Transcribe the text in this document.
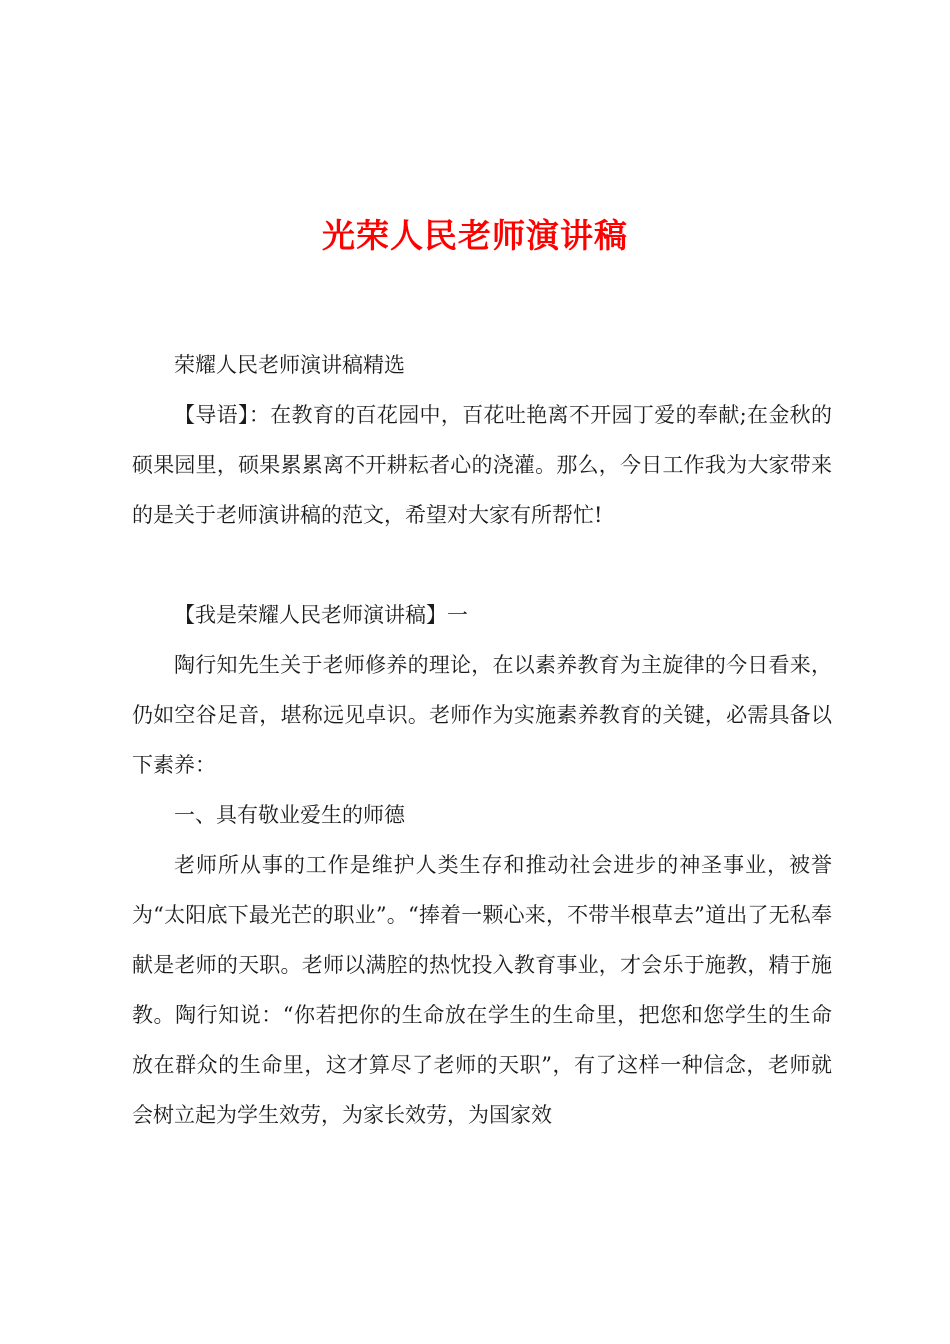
光荣人民老师演讲稿

荣耀人民老师演讲稿精选

【导语】：在教育的百花园中，百花吐艳离不开园丁爱的奉献;在金秋的硕果园里，硕果累累离不开耕耘者心的浇灌。那么，今日工作我为大家带来的是关于老师演讲稿的范文，希望对大家有所帮忙!

【我是荣耀人民老师演讲稿】一

陶行知先生关于老师修养的理论，在以素养教育为主旋律的今日看来，仍如空谷足音，堪称远见卓识。老师作为实施素养教育的关键，必需具备以下素养：

一、具有敬业爱生的师德

老师所从事的工作是维护人类生存和推动社会进步的神圣事业，被誉为“太阳底下最光芒的职业”。“捧着一颗心来，不带半根草去”道出了无私奉献是老师的天职。老师以满腔的热忱投入教育事业，才会乐于施教，精于施教。陶行知说：“你若把你的生命放在学生的生命里，把您和您学生的生命放在群众的生命里，这才算尽了老师的天职”，有了这样一种信念，老师就会树立起为学生效劳，为家长效劳，为国家效
